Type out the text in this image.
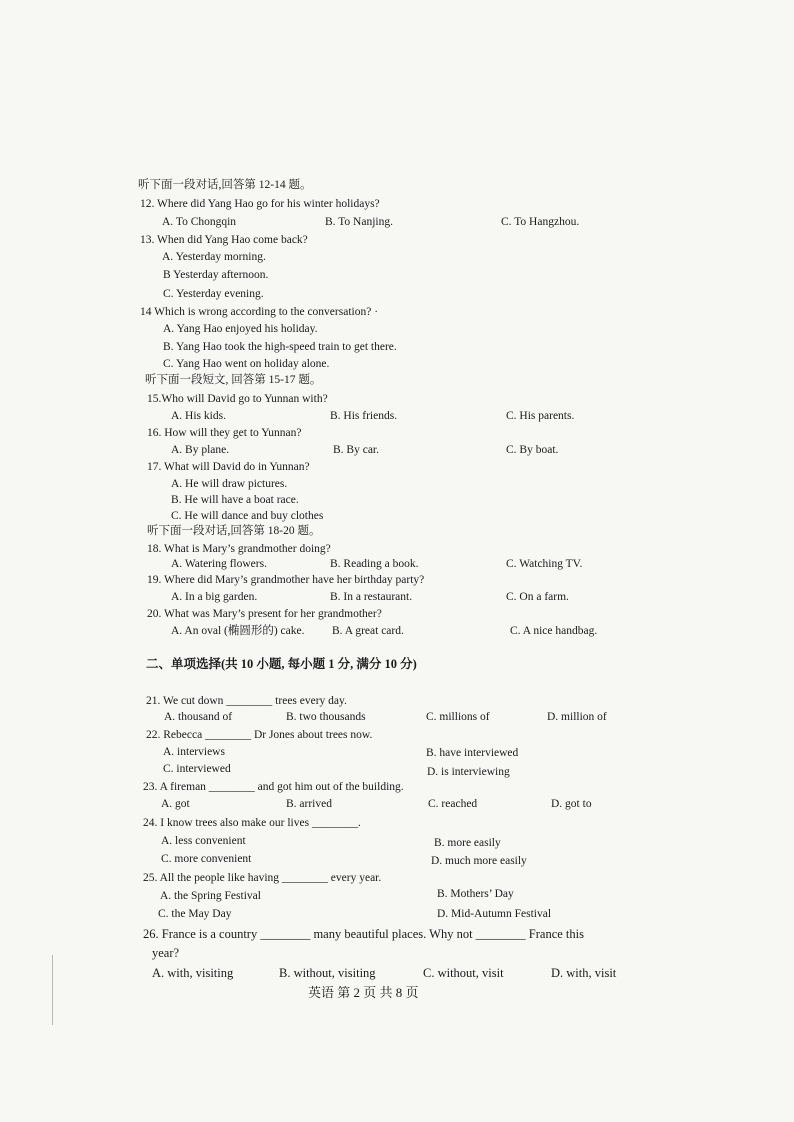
听下面一段对话,回答第 12-14 题。
12. Where did Yang Hao go for his winter holidays?
A. To Chongqin	B. To Nanjing.	C. To Hangzhou.
13. When did Yang Hao come back?
A. Yesterday morning.
B Yesterday afternoon.
C. Yesterday evening.
14 Which is wrong according to the conversation? ·
A. Yang Hao enjoyed his holiday.
B. Yang Hao took the high-speed train to get there.
C. Yang Hao went on holiday alone.
听下面一段短文, 回答第 15-17 题。
15.Who will David go to Yunnan with?
A. His kids.	B. His friends.	C. His parents.
16. How will they get to Yunnan?
A. By plane.	B. By car.	C. By boat.
17. What will David do in Yunnan?
A. He will draw pictures.
B. He will have a boat race.
C. He will dance and buy clothes
听下面一段对话,回答第 18-20 题。
18. What is Mary’s grandmother doing?
A. Watering flowers.	B. Reading a book.	C. Watching TV.
19. Where did Mary’s grandmother have her birthday party?
A. In a big garden.	B. In a restaurant.	C. On a farm.
20. What was Mary’s present for her grandmother?
A. An oval (椭圆形的) cake. B. A great card.	C. A nice handbag.
二、单项选择(共 10 小题, 每小题 1 分, 满分 10 分)
21. We cut down ________ trees every day.
A. thousand of	B. two thousands	C. millions of	D. million of
22. Rebecca ________ Dr Jones about trees now.
A. interviews	B. have interviewed
C. interviewed	D. is interviewing
23. A fireman ________ and got him out of the building.
A. got	B. arrived	C. reached	D. got to
24. I know trees also make our lives ________.
A. less convenient	B. more easily
C. more convenient	D. much more easily
25. All the people like having ________ every year.
A. the Spring Festival	B. Mothers’ Day
C. the May Day	D. Mid-Autumn Festival
26. France is a country ________ many beautiful places. Why not ________ France this
year?
A. with, visiting	B. without, visiting	C. without, visit	D. with, visit
英语 第 2 页 共 8 页
